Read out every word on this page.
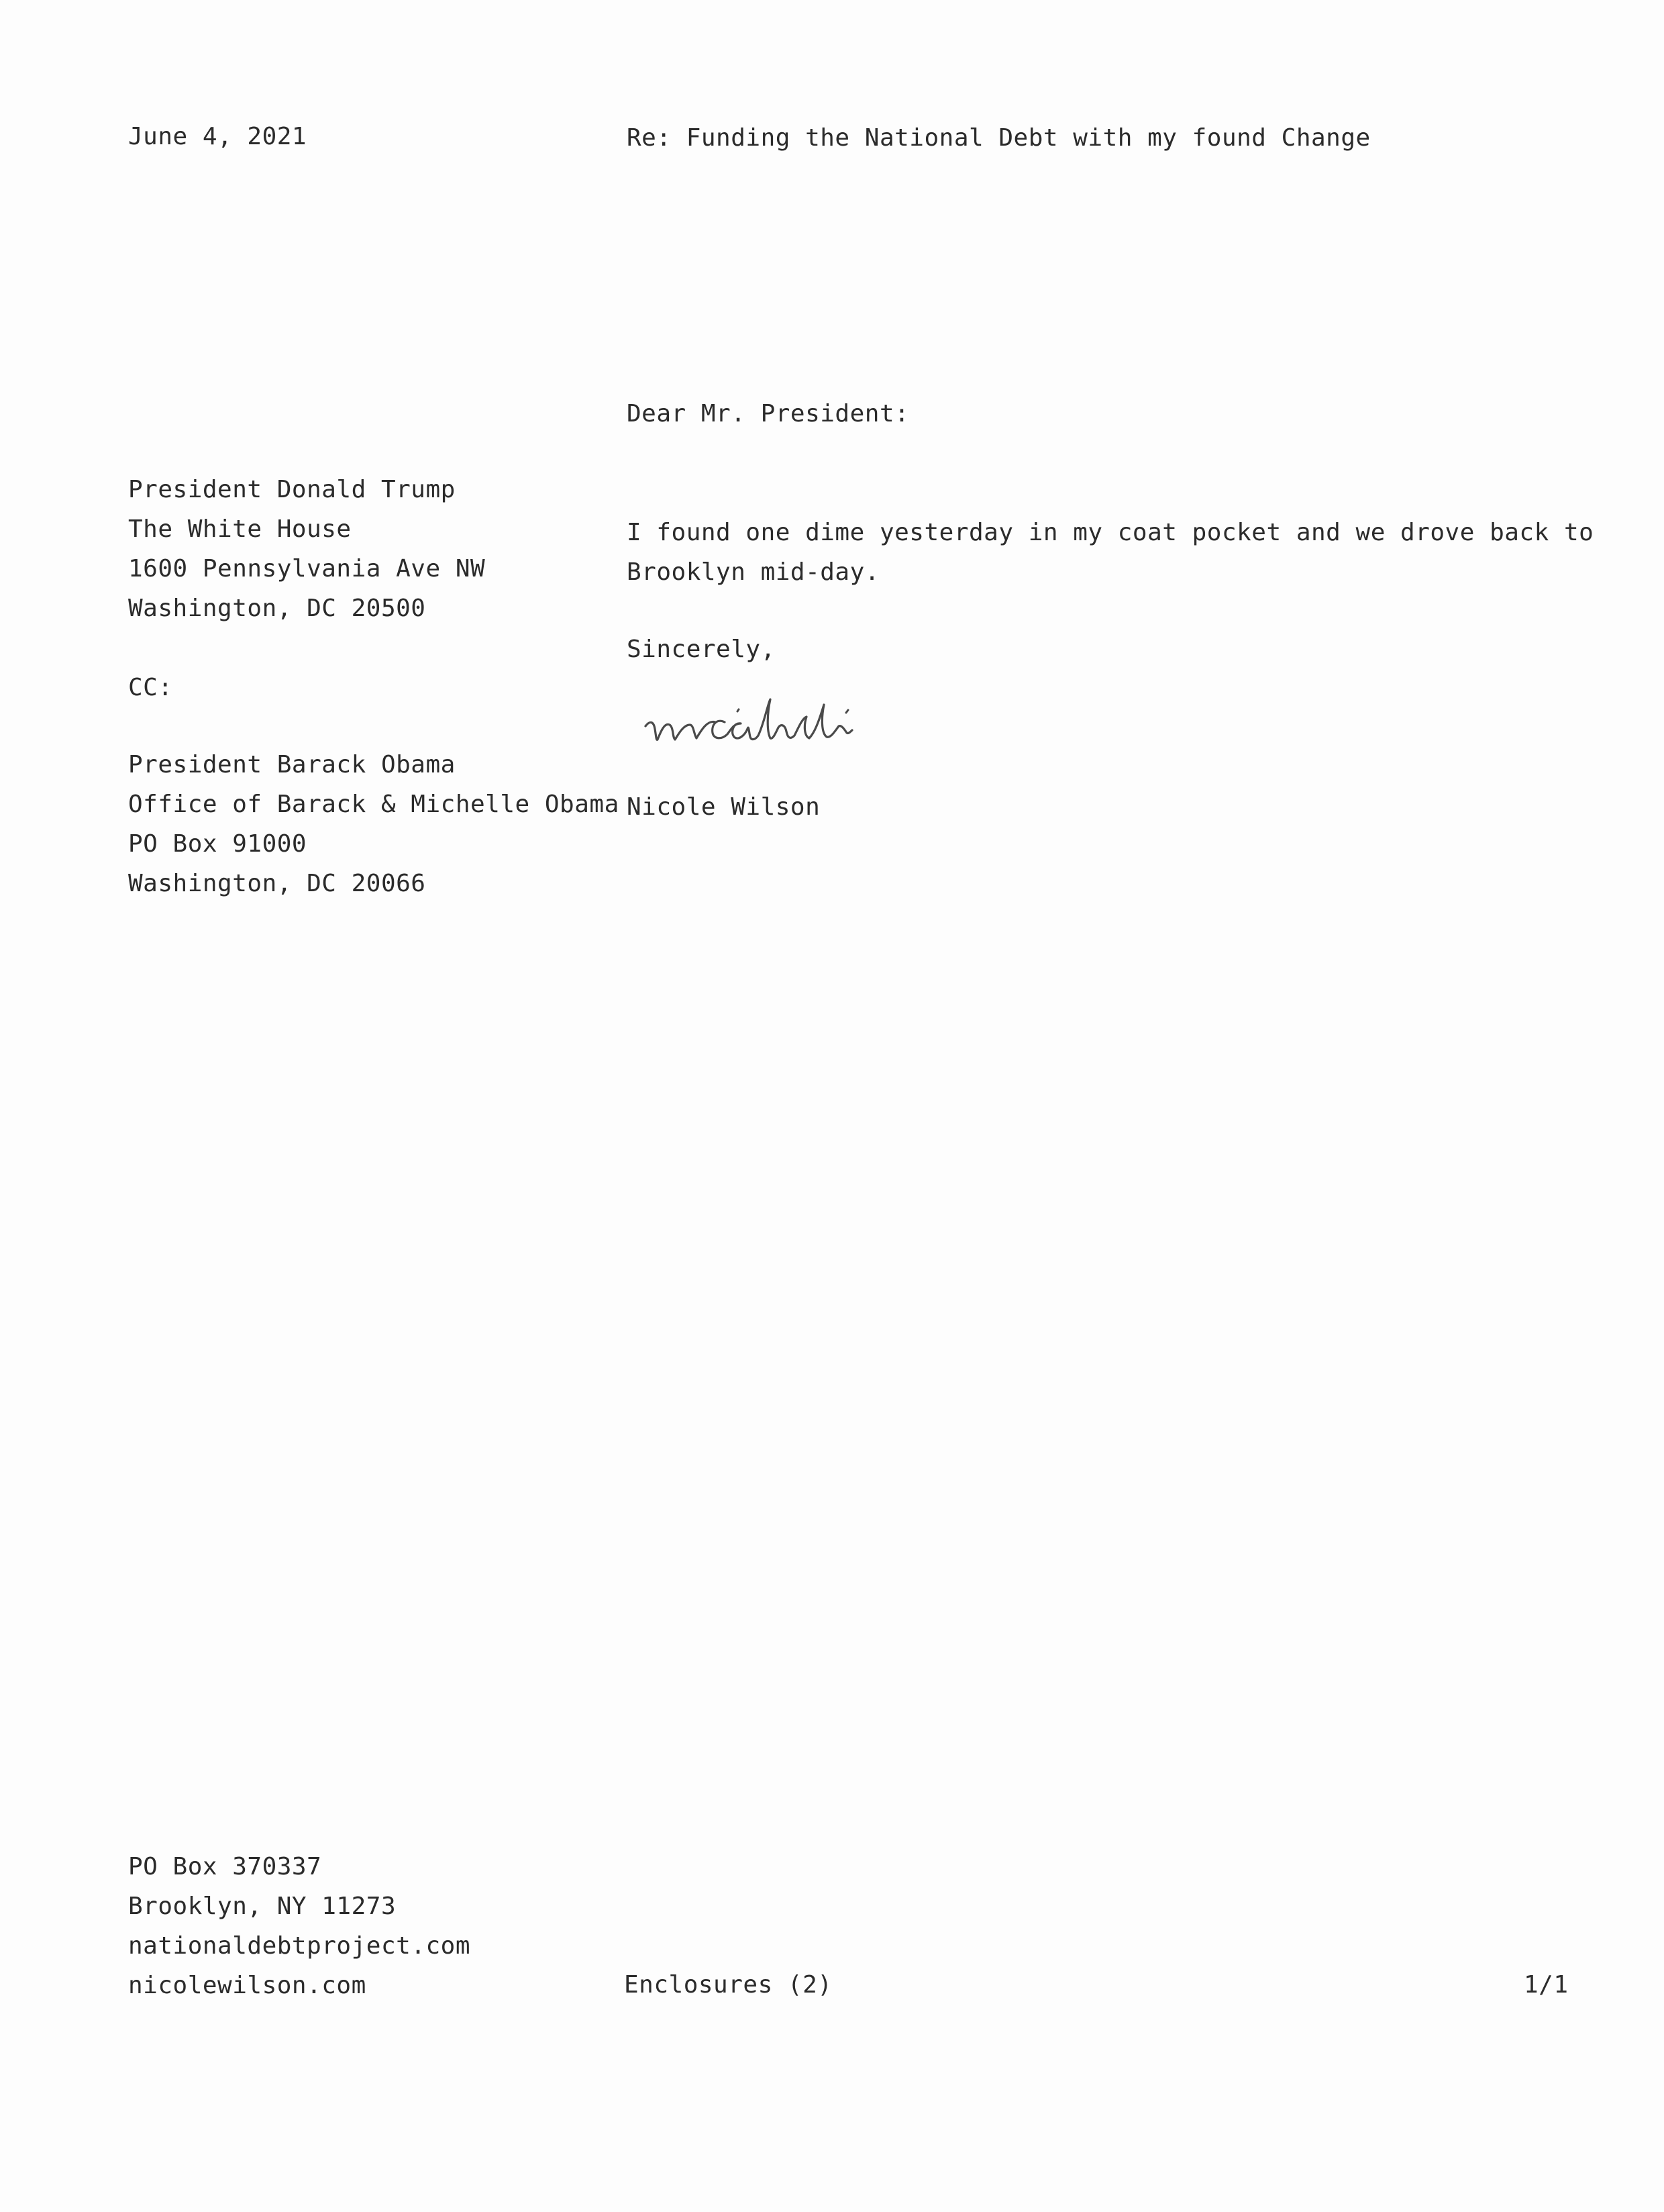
June 4, 2021	Re: Funding the National Debt with my found Change
Dear Mr. President:
President Donald Trump
The White House
1600 Pennsylvania Ave NW
Washington, DC 20500
I found one dime yesterday in my coat pocket and we drove back to
Brooklyn mid-day.
Sincerely,
CC:
Nicole Wilson
President Barack Obama
Office of Barack & Michelle Obama
PO Box 91000
Washington, DC 20066
PO Box 370337
Brooklyn, NY 11273
nationaldebtproject.com
nicolewilson.com	Enclosures (2)	1/1
